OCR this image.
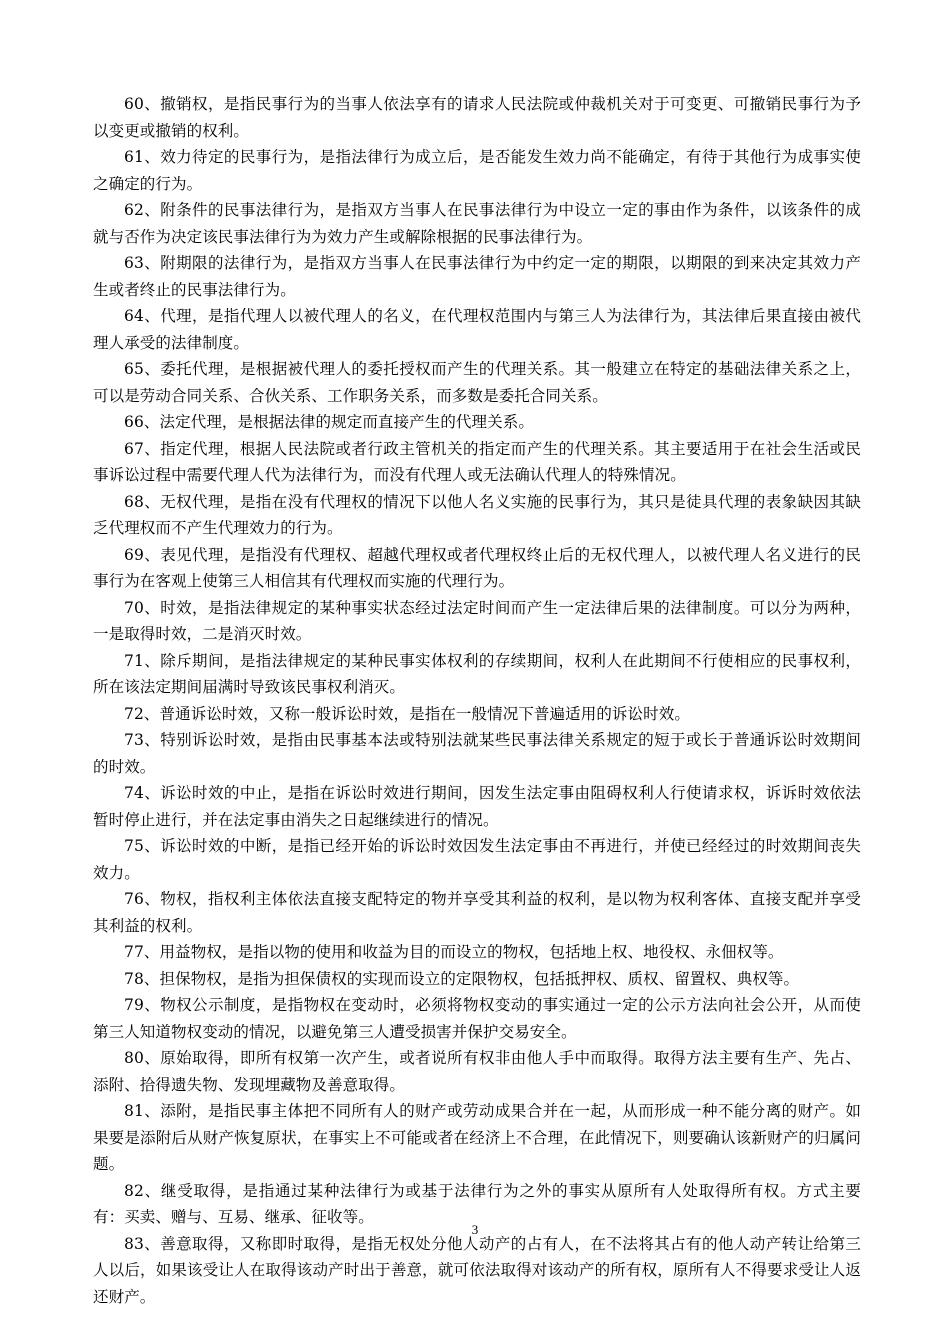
60、撤销权，是指民事行为的当事人依法享有的请求人民法院或仲裁机关对于可变更、可撤销民事行为予以变更或撤销的权利。

61、效力待定的民事行为，是指法律行为成立后，是否能发生效力尚不能确定，有待于其他行为成事实使之确定的行为。

62、附条件的民事法律行为，是指双方当事人在民事法律行为中设立一定的事由作为条件，以该条件的成就与否作为决定该民事法律行为为效力产生或解除根据的民事法律行为。

63、附期限的法律行为，是指双方当事人在民事法律行为中约定一定的期限，以期限的到来决定其效力产生或者终止的民事法律行为。

64、代理，是指代理人以被代理人的名义，在代理权范围内与第三人为法律行为，其法律后果直接由被代理人承受的法律制度。

65、委托代理，是根据被代理人的委托授权而产生的代理关系。其一般建立在特定的基础法律关系之上，可以是劳动合同关系、合伙关系、工作职务关系，而多数是委托合同关系。

66、法定代理，是根据法律的规定而直接产生的代理关系。

67、指定代理，根据人民法院或者行政主管机关的指定而产生的代理关系。其主要适用于在社会生活或民事诉讼过程中需要代理人代为法律行为，而没有代理人或无法确认代理人的特殊情况。

68、无权代理，是指在没有代理权的情况下以他人名义实施的民事行为，其只是徒具代理的表象缺因其缺乏代理权而不产生代理效力的行为。

69、表见代理，是指没有代理权、超越代理权或者代理权终止后的无权代理人，以被代理人名义进行的民事行为在客观上使第三人相信其有代理权而实施的代理行为。

70、时效，是指法律规定的某种事实状态经过法定时间而产生一定法律后果的法律制度。可以分为两种，一是取得时效，二是消灭时效。

71、除斥期间，是指法律规定的某种民事实体权利的存续期间，权利人在此期间不行使相应的民事权利，所在该法定期间届满时导致该民事权利消灭。

72、普通诉讼时效，又称一般诉讼时效，是指在一般情况下普遍适用的诉讼时效。

73、特别诉讼时效，是指由民事基本法或特别法就某些民事法律关系规定的短于或长于普通诉讼时效期间的时效。

74、诉讼时效的中止，是指在诉讼时效进行期间，因发生法定事由阻碍权利人行使请求权，诉诉时效依法暂时停止进行，并在法定事由消失之日起继续进行的情况。

75、诉讼时效的中断，是指已经开始的诉讼时效因发生法定事由不再进行，并使已经经过的时效期间丧失效力。

76、物权，指权利主体依法直接支配特定的物并享受其利益的权利，是以物为权利客体、直接支配并享受其利益的权利。

77、用益物权，是指以物的使用和收益为目的而设立的物权，包括地上权、地役权、永佃权等。

78、担保物权，是指为担保债权的实现而设立的定限物权，包括抵押权、质权、留置权、典权等。

79、物权公示制度，是指物权在变动时，必须将物权变动的事实通过一定的公示方法向社会公开，从而使第三人知道物权变动的情况，以避免第三人遭受损害并保护交易安全。

80、原始取得，即所有权第一次产生，或者说所有权非由他人手中而取得。取得方法主要有生产、先占、添附、拾得遗失物、发现埋藏物及善意取得。

81、添附，是指民事主体把不同所有人的财产或劳动成果合并在一起，从而形成一种不能分离的财产。如果要是添附后从财产恢复原状，在事实上不可能或者在经济上不合理，在此情况下，则要确认该新财产的归属问题。

82、继受取得，是指通过某种法律行为或基于法律行为之外的事实从原所有人处取得所有权。方式主要有：买卖、赠与、互易、继承、征收等。

83、善意取得，又称即时取得，是指无权处分他人动产的占有人，在不法将其占有的他人动产转让给第三人以后，如果该受让人在取得该动产时出于善意，就可依法取得对该动产的所有权，原所有人不得要求受让人返还财产。

3
